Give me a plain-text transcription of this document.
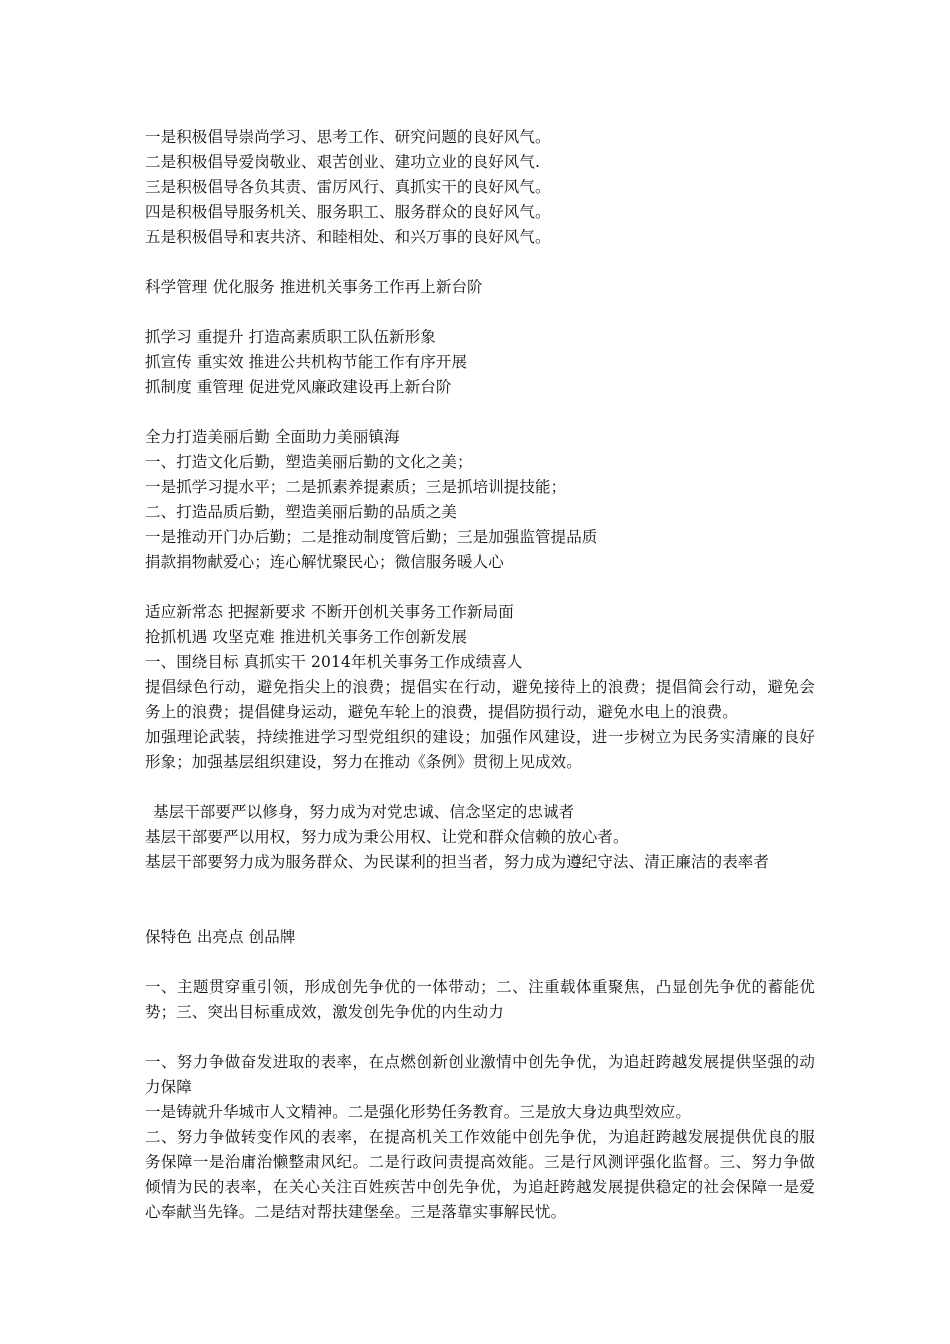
一是积极倡导崇尚学习、思考工作、研究问题的良好风气。

二是积极倡导爱岗敬业、艰苦创业、建功立业的良好风气.

三是积极倡导各负其责、雷厉风行、真抓实干的良好风气。

四是积极倡导服务机关、服务职工、服务群众的良好风气。

五是积极倡导和衷共济、和睦相处、和兴万事的良好风气。

科学管理 优化服务 推进机关事务工作再上新台阶

抓学习 重提升 打造高素质职工队伍新形象

抓宣传 重实效 推进公共机构节能工作有序开展

抓制度 重管理 促进党风廉政建设再上新台阶

全力打造美丽后勤 全面助力美丽镇海

一、打造文化后勤，塑造美丽后勤的文化之美；

一是抓学习提水平；二是抓素养提素质；三是抓培训提技能；

二、打造品质后勤，塑造美丽后勤的品质之美

一是推动开门办后勤；二是推动制度管后勤；三是加强监管提品质

捐款捐物献爱心；连心解忧聚民心；微信服务暖人心

适应新常态 把握新要求 不断开创机关事务工作新局面

抢抓机遇 攻坚克难 推进机关事务工作创新发展

一、围绕目标 真抓实干 2014年机关事务工作成绩喜人

提倡绿色行动，避免指尖上的浪费；提倡实在行动，避免接待上的浪费；提倡简会行动，避免会务上的浪费；提倡健身运动，避免车轮上的浪费，提倡防损行动，避免水电上的浪费。

加强理论武装，持续推进学习型党组织的建设；加强作风建设，进一步树立为民务实清廉的良好形象；加强基层组织建设，努力在推动《条例》贯彻上见成效。

基层干部要严以修身，努力成为对党忠诚、信念坚定的忠诚者

基层干部要严以用权，努力成为秉公用权、让党和群众信赖的放心者。

基层干部要努力成为服务群众、为民谋利的担当者，努力成为遵纪守法、清正廉洁的表率者

保特色 出亮点 创品牌

一、主题贯穿重引领，形成创先争优的一体带动；二、注重载体重聚焦，凸显创先争优的蓄能优势；三、突出目标重成效，激发创先争优的内生动力

一、努力争做奋发进取的表率，在点燃创新创业激情中创先争优，为追赶跨越发展提供坚强的动力保障

一是铸就升华城市人文精神。二是强化形势任务教育。三是放大身边典型效应。

二、努力争做转变作风的表率，在提高机关工作效能中创先争优，为追赶跨越发展提供优良的服务保障一是治庸治懒整肃风纪。二是行政问责提高效能。三是行风测评强化监督。三、努力争做倾情为民的表率，在关心关注百姓疾苦中创先争优，为追赶跨越发展提供稳定的社会保障一是爱心奉献当先锋。二是结对帮扶建堡垒。三是落靠实事解民忧。
